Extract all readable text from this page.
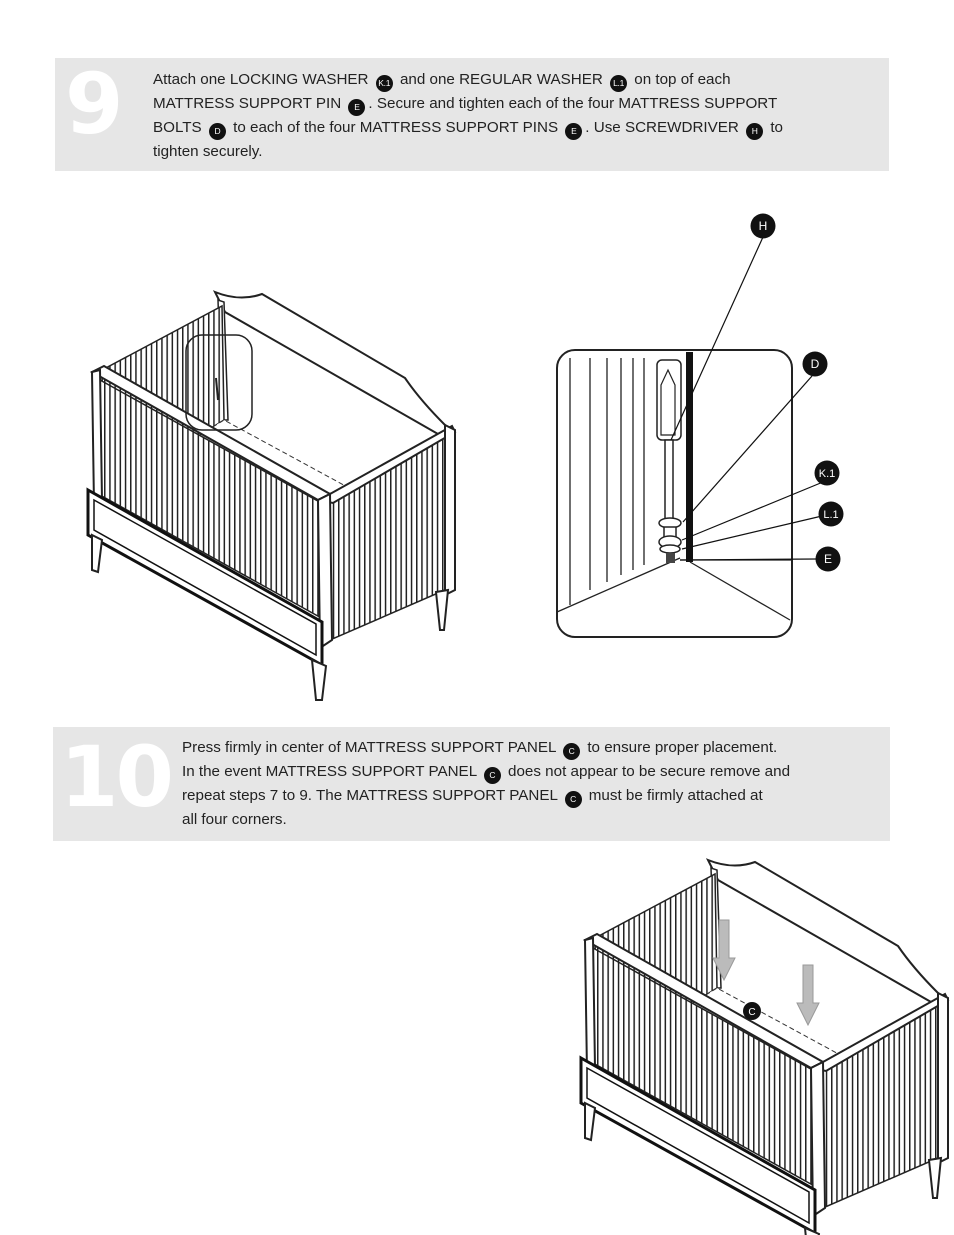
9 Attach one LOCKING WASHER K.1 and one REGULAR WASHER L.1 on top of each
MATTRESS SUPPORT PIN E . Secure and tighten each of the four MATTRESS SUPPORT
BOLTS D to each of the four MATTRESS SUPPORT PINS E . Use SCREWDRIVER H to
tighten securely.
10 Press firmly in center of MATTRESS SUPPORT PANEL C to ensure proper placement.
In the event MATTRESS SUPPORT PANEL C does not appear to be secure remove and
repeat steps 7 to 9. The MATTRESS SUPPORT PANEL C must be firmly attached at
all four corners.
H
D
K.1
L.1
E
C
